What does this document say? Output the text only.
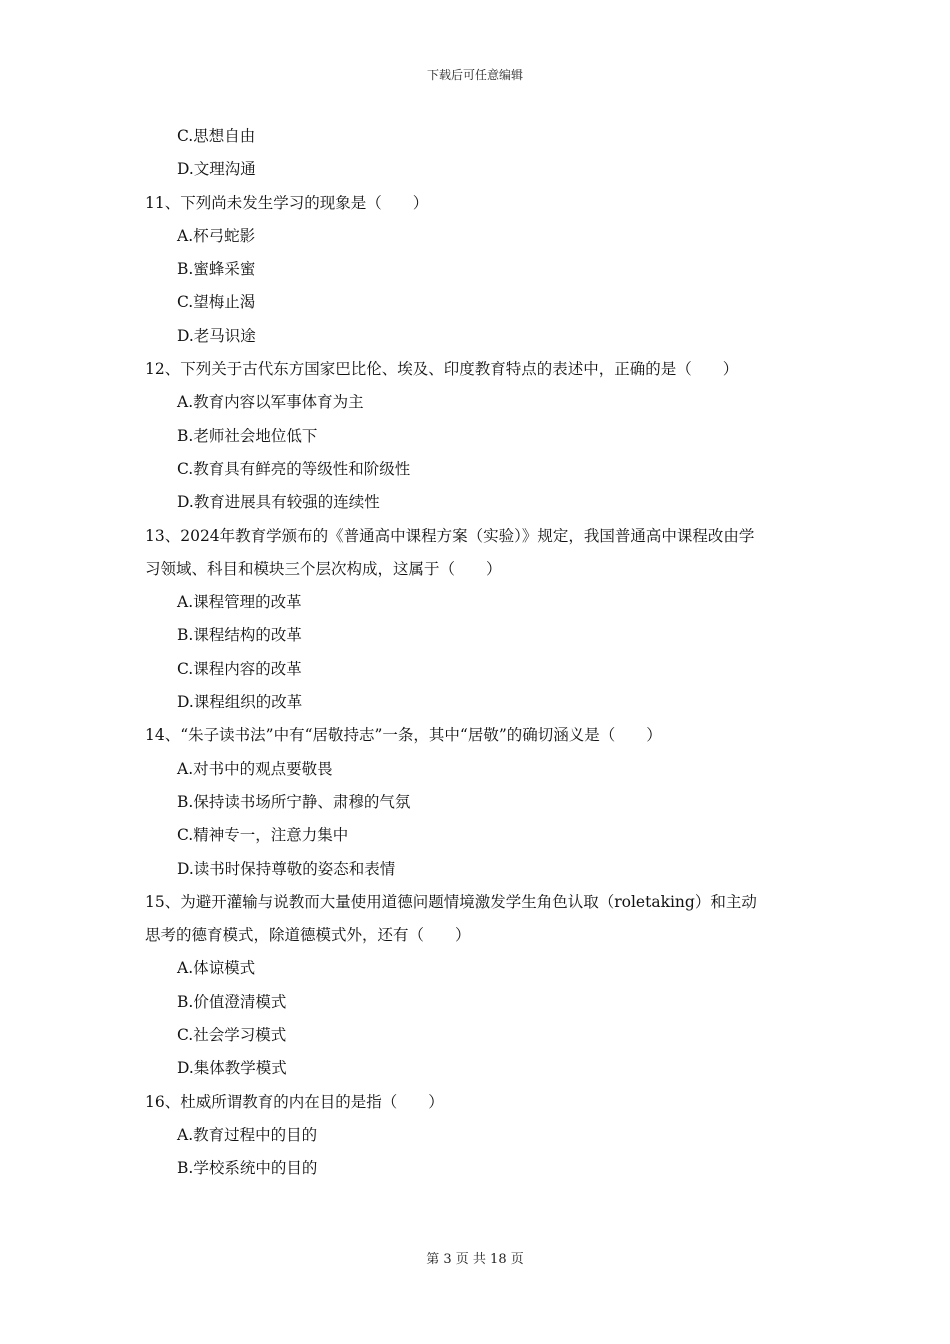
下载后可任意编辑
C.思想自由
D.文理沟通
11、下列尚未发生学习的现象是（　　）
A.杯弓蛇影
B.蜜蜂采蜜
C.望梅止渴
D.老马识途
12、下列关于古代东方国家巴比伦、埃及、印度教育特点的表述中，正确的是（　　）
A.教育内容以军事体育为主
B.老师社会地位低下
C.教育具有鲜亮的等级性和阶级性
D.教育进展具有较强的连续性
13、2024年教育学颁布的《普通高中课程方案（实验）》规定，我国普通高中课程改由学
习领域、科目和模块三个层次构成，这属于（　　）
A.课程管理的改革
B.课程结构的改革
C.课程内容的改革
D.课程组织的改革
14、“朱子读书法”中有“居敬持志”一条，其中“居敬”的确切涵义是（　　）
A.对书中的观点要敬畏
B.保持读书场所宁静、肃穆的气氛
C.精神专一，注意力集中
D.读书时保持尊敬的姿态和表情
15、为避开灌输与说教而大量使用道德问题情境激发学生角色认取（roletaking）和主动
思考的德育模式，除道德模式外，还有（　　）
A.体谅模式
B.价值澄清模式
C.社会学习模式
D.集体教学模式
16、杜威所谓教育的内在目的是指（　　）
A.教育过程中的目的
B.学校系统中的目的
第 3 页 共 18 页
